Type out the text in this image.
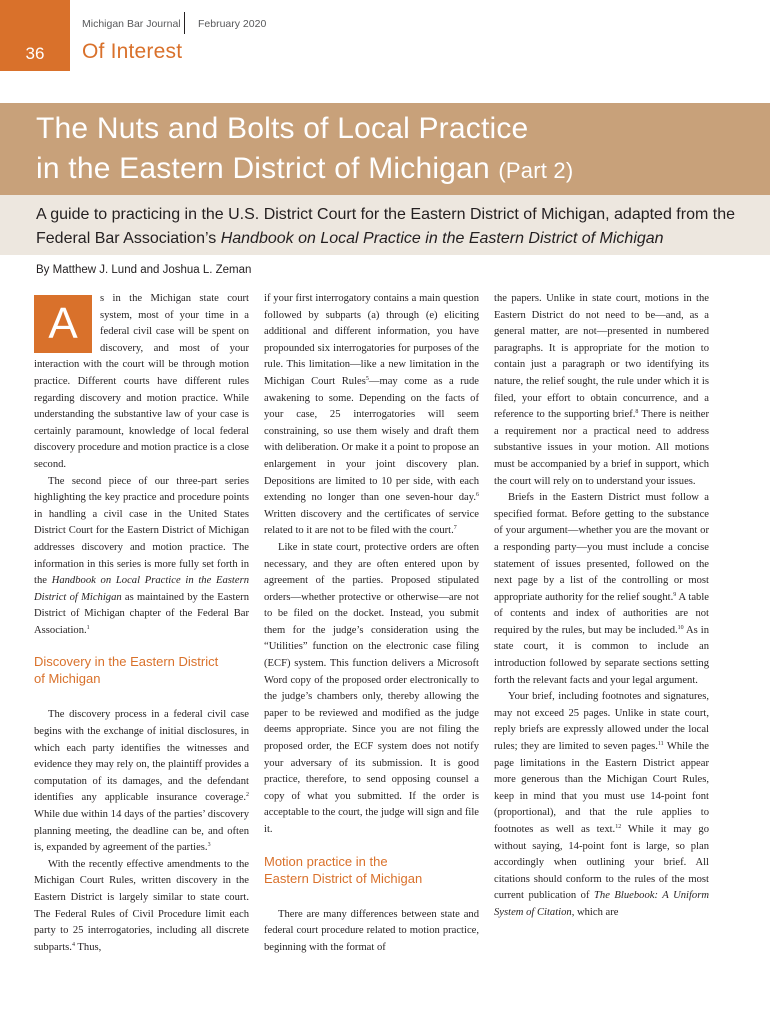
36
Michigan Bar Journal February 2020
Of Interest
The Nuts and Bolts of Local Practice
in the Eastern District of Michigan (Part 2)
A guide to practicing in the U.S. District Court for the Eastern District of Michigan, adapted from the Federal Bar Association’s Handbook on Local Practice in the Eastern District of Michigan
By Matthew J. Lund and Joshua L. Zeman
A

s in the Michigan state court system, most of your time in a federal civil case will be spent on discovery, and most of your interaction with the court will be through motion practice. Different courts have different rules regarding discovery and motion practice. While understanding the substantive law of your case is certainly paramount, knowledge of local federal discovery procedure and motion practice is a close second.

The second piece of our three-part series highlighting the key practice and procedure points in handling a civil case in the United States District Court for the Eastern District of Michigan addresses discovery and motion practice. The information in this series is more fully set forth in the Handbook on Local Practice in the Eastern District of Michigan as maintained by the Eastern District of Michigan chapter of the Federal Bar Association.$^1$

Discovery in the Eastern District
of Michigan

The discovery process in a federal civil case begins with the exchange of initial disclosures, in which each party identifies the witnesses and evidence they may rely on, the plaintiff provides a computation of its damages, and the defendant identifies any applicable insurance coverage.$^2$ While due within 14 days of the parties’ discovery planning meeting, the deadline can be, and often is, expanded by agreement of the parties.$^3$

With the recently effective amendments to the Michigan Court Rules, written discovery in the Eastern District is largely similar to state court. The Federal Rules of Civil Procedure limit each party to 25 interrogatories, including all discrete subparts.$^4$ Thus,

if your first interrogatory contains a main question followed by subparts (a) through (e) eliciting additional and different information, you have propounded six interrogatories for purposes of the rule. This limitation—like a new limitation in the Michigan Court Rules$^5$—may come as a rude awakening to some. Depending on the facts of your case, 25 interrogatories will seem constraining, so use them wisely and draft them with deliberation. Or make it a point to propose an enlargement in your joint discovery plan. Depositions are limited to 10 per side, with each extending no longer than one seven-hour day.$^6$ Written discovery and the certificates of service related to it are not to be filed with the court.$^7$

Like in state court, protective orders are often necessary, and they are often entered upon by agreement of the parties. Proposed stipulated orders—whether protective or otherwise—are not to be filed on the docket. Instead, you submit them for the judge’s consideration using the “Utilities” function on the electronic case filing (ECF) system. This function delivers a Microsoft Word copy of the proposed order electronically to the judge’s chambers only, thereby allowing the paper to be reviewed and modified as the judge deems appropriate. Since you are not filing the proposed order, the ECF system does not notify your adversary of its submission. It is good practice, therefore, to send opposing counsel a copy of what you submitted. If the order is acceptable to the court, the judge will sign and file it.

Motion practice in the
Eastern District of Michigan

There are many differences between state and federal court procedure related to motion practice, beginning with the format of

the papers. Unlike in state court, motions in the Eastern District do not need to be—and, as a general matter, are not—presented in numbered paragraphs. It is appropriate for the motion to contain just a paragraph or two identifying its nature, the relief sought, the rule under which it is filed, your effort to obtain concurrence, and a reference to the supporting brief.$^8$ There is neither a requirement nor a practical need to address substantive issues in your motion. All motions must be accompanied by a brief in support, which the court will rely on to understand your issues.

Briefs in the Eastern District must follow a specified format. Before getting to the substance of your argument—whether you are the movant or a responding party—you must include a concise statement of issues presented, followed on the next page by a list of the controlling or most appropriate authority for the relief sought.$^9$ A table of contents and index of authorities are not required by the rules, but may be included.$^{10}$ As in state court, it is common to include an introduction followed by separate sections setting forth the relevant facts and your legal argument.

Your brief, including footnotes and signatures, may not exceed 25 pages. Unlike in state court, reply briefs are expressly allowed under the local rules; they are limited to seven pages.$^{11}$ While the page limitations in the Eastern District appear more generous than the Michigan Court Rules, keep in mind that you must use 14-point font (proportional), and that the rule applies to footnotes as well as text.$^{12}$ While it may go without saying, 14-point font is large, so plan accordingly when outlining your brief. All citations should conform to the rules of the most current publication of The Bluebook: A Uniform System of Citation, which are
